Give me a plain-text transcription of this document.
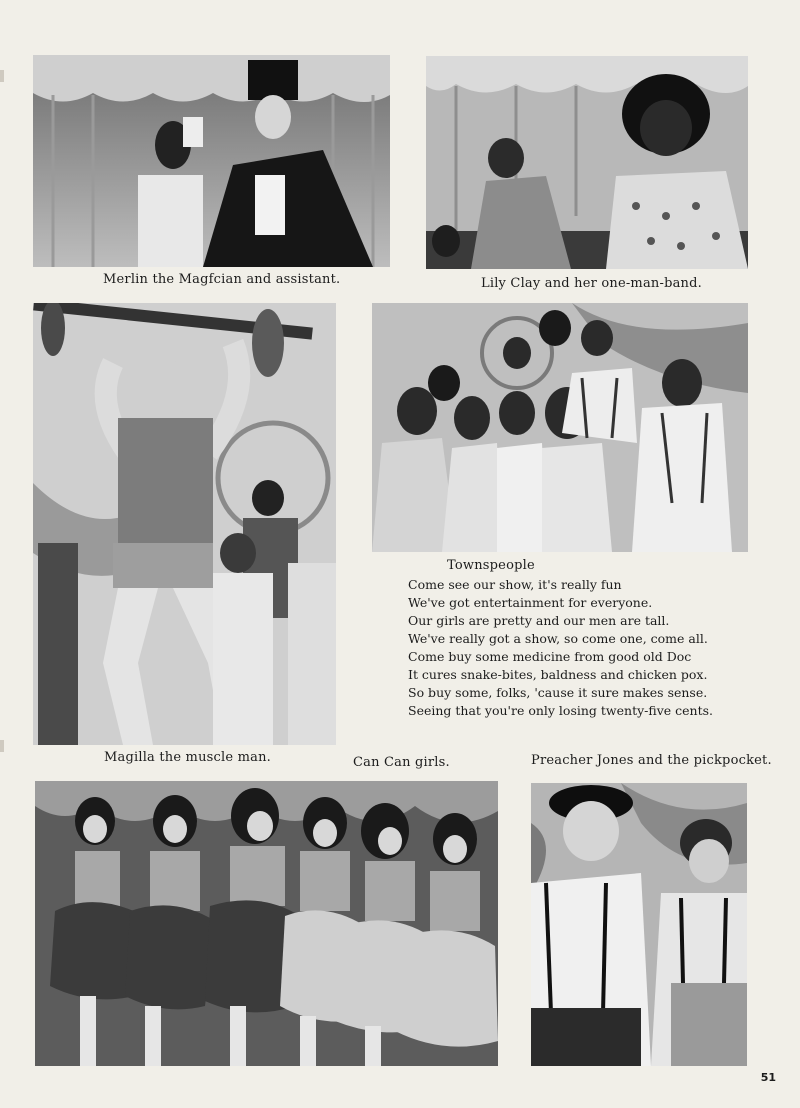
Merlin the Magfcian and assistant.	Lily Clay and her one-man-band.
Magilla the muscle man.
Townspeople
Come see our show, it's really fun
We've got entertainment for everyone.
Our girls are pretty and our men are tall.
We've really got a show, so come one, come all.
Come buy some medicine from good old Doc
It cures snake-bites, baldness and chicken pox.
So buy some, folks, 'cause it sure makes sense.
Seeing that you're only losing twenty-five cents.
Can Can girls.	Preacher Jones and the pickpocket.
51
